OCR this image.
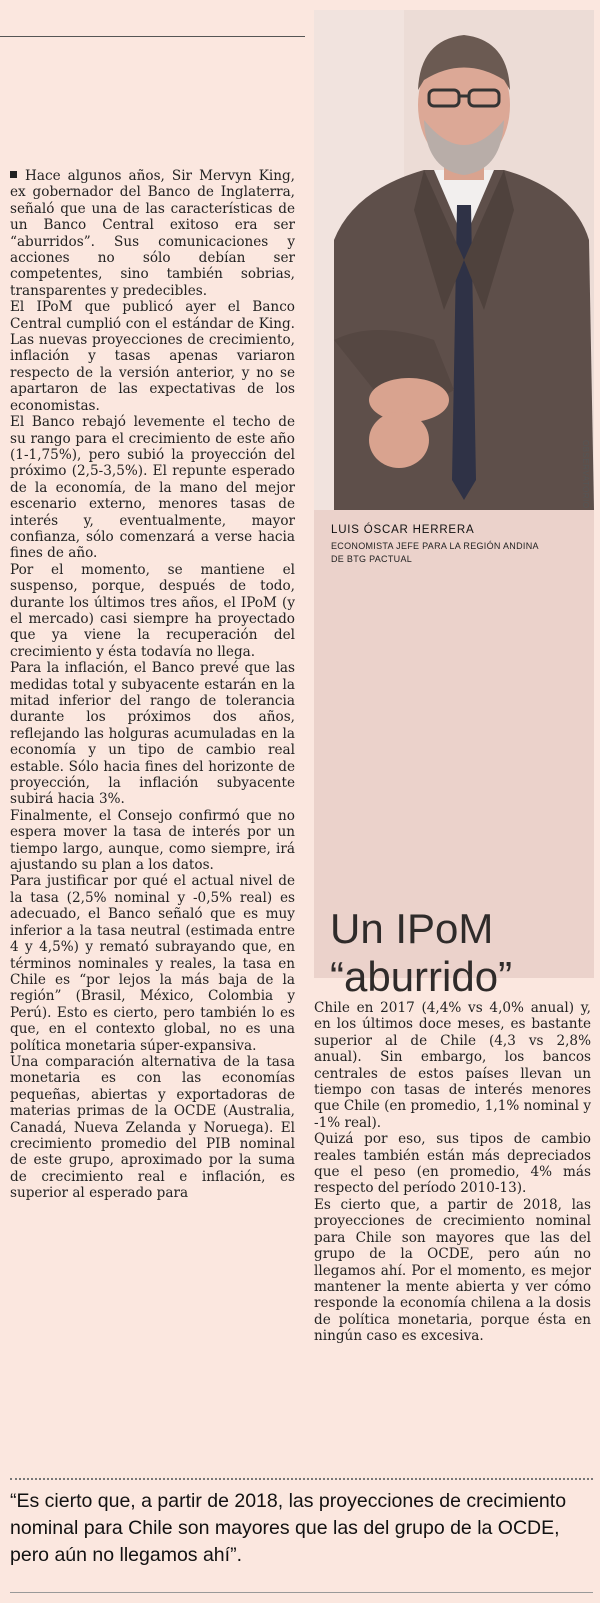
Hace algunos años, Sir Mervyn King, ex gobernador del Banco de Inglaterra, señaló que una de las características de un Banco Central exitoso era ser “aburridos”. Sus comunicaciones y acciones no sólo debían ser competentes, sino también sobrias, transparentes y predecibles.

El IPoM que publicó ayer el Banco Central cumplió con el estándar de King. Las nuevas proyecciones de crecimiento, inflación y tasas apenas variaron respecto de la versión anterior, y no se apartaron de las expectativas de los economistas.

El Banco rebajó levemente el techo de su rango para el crecimiento de este año (1-1,75%), pero subió la proyección del próximo (2,5-3,5%). El repunte esperado de la economía, de la mano del mejor escenario externo, menores tasas de interés y, eventualmente, mayor confianza, sólo comenzará a verse hacia fines de año.

Por el momento, se mantiene el suspenso, porque, después de todo, durante los últimos tres años, el IPoM (y el mercado) casi siempre ha proyectado que ya viene la recuperación del crecimiento y ésta todavía no llega.

Para la inflación, el Banco prevé que las medidas total y subyacente estarán en la mitad inferior del rango de tolerancia durante los próximos dos años, reflejando las holguras acumuladas en la economía y un tipo de cambio real estable. Sólo hacia fines del horizonte de proyección, la inflación subyacente subirá hacia 3%.

Finalmente, el Consejo confirmó que no espera mover la tasa de interés por un tiempo largo, aunque, como siempre, irá ajustando su plan a los datos.

Para justificar por qué el actual nivel de la tasa (2,5% nominal y -0,5% real) es adecuado, el Banco señaló que es muy inferior a la tasa neutral (estimada entre 4 y 4,5%) y remató subrayando que, en términos nominales y reales, la tasa en Chile es “por lejos la más baja de la región” (Brasil, México, Colombia y Perú). Esto es cierto, pero también lo es que, en el contexto global, no es una política monetaria súper-expansiva.

Una comparación alternativa de la tasa monetaria es con las economías pequeñas, abiertas y exportadoras de materias primas de la OCDE (Australia, Canadá, Nueva Zelanda y Noruega). El crecimiento promedio del PIB nominal de este grupo, aproximado por la suma de crecimiento real e inflación, es superior al esperado para

OBSERVATORIO
LUIS ÓSCAR HERRERA
ECONOMISTA JEFE PARA LA REGIÓN ANDINA
DE BTG PACTUAL
Un IPoM “aburrido”

Chile en 2017 (4,4% vs 4,0% anual) y, en los últimos doce meses, es bastante superior al de Chile (4,3 vs 2,8% anual). Sin embargo, los bancos centrales de estos países llevan un tiempo con tasas de interés menores que Chile (en promedio, 1,1% nominal y -1% real).

Quizá por eso, sus tipos de cambio reales también están más depreciados que el peso (en promedio, 4% más respecto del período 2010-13).

Es cierto que, a partir de 2018, las proyecciones de crecimiento nominal para Chile son mayores que las del grupo de la OCDE, pero aún no llegamos ahí. Por el momento, es mejor mantener la mente abierta y ver cómo responde la economía chilena a la dosis de política monetaria, porque ésta en ningún caso es excesiva.

“Es cierto que, a partir de 2018, las proyecciones de crecimiento nominal para Chile son mayores que las del grupo de la OCDE, pero aún no llegamos ahí”.
